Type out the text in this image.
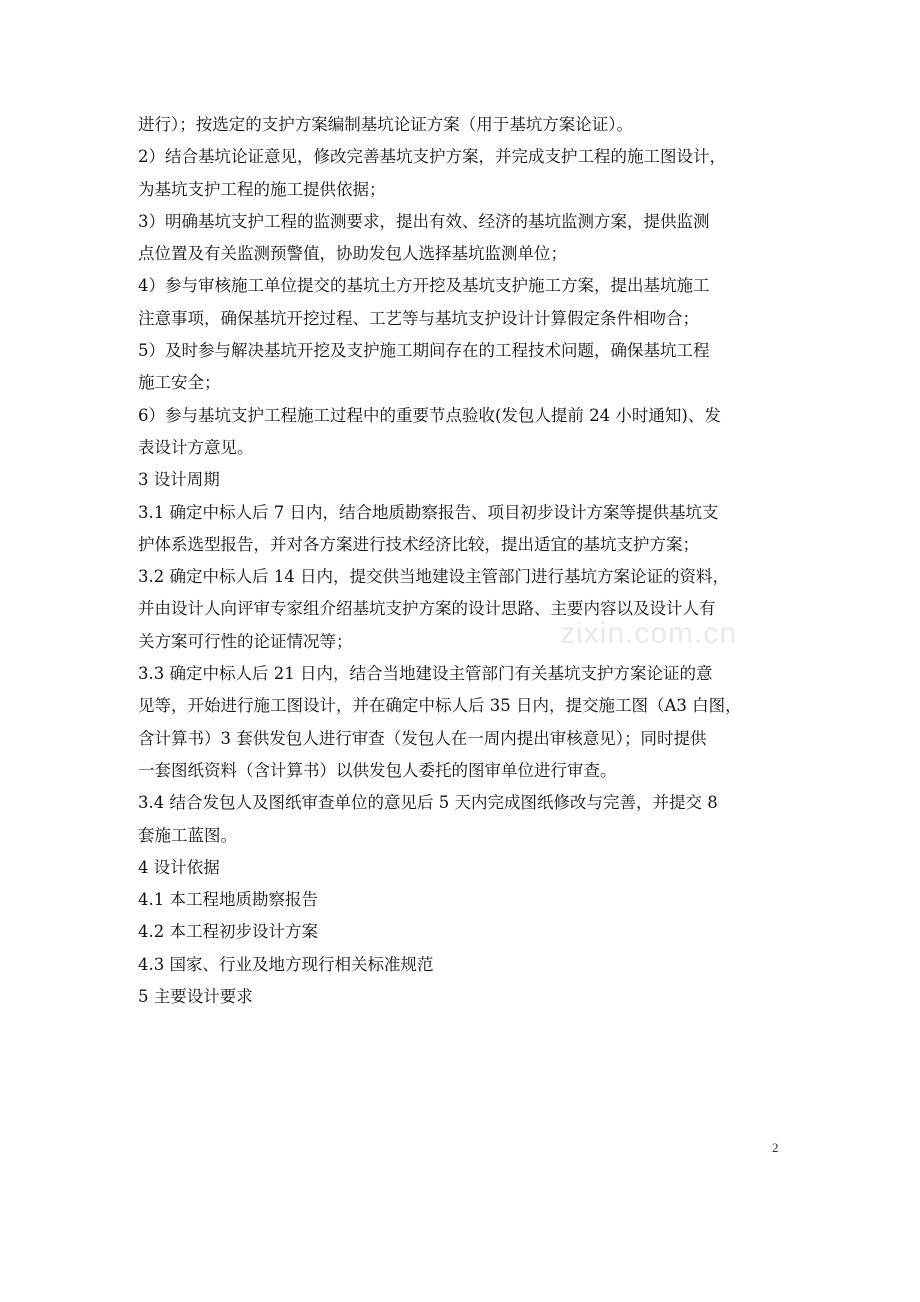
zixin.com.cn
进行）；按选定的支护方案编制基坑论证方案（用于基坑方案论证）。
2）结合基坑论证意见，修改完善基坑支护方案，并完成支护工程的施工图设计，
为基坑支护工程的施工提供依据；
3）明确基坑支护工程的监测要求，提出有效、经济的基坑监测方案，提供监测
点位置及有关监测预警值，协助发包人选择基坑监测单位；
4）参与审核施工单位提交的基坑土方开挖及基坑支护施工方案，提出基坑施工
注意事项，确保基坑开挖过程、工艺等与基坑支护设计计算假定条件相吻合；
5）及时参与解决基坑开挖及支护施工期间存在的工程技术问题，确保基坑工程
施工安全；
6）参与基坑支护工程施工过程中的重要节点验收(发包人提前 24 小时通知)、发
表设计方意见。
3 设计周期
3.1 确定中标人后 7 日内，结合地质勘察报告、项目初步设计方案等提供基坑支
护体系选型报告，并对各方案进行技术经济比较，提出适宜的基坑支护方案；
3.2 确定中标人后 14 日内，提交供当地建设主管部门进行基坑方案论证的资料，
并由设计人向评审专家组介绍基坑支护方案的设计思路、主要内容以及设计人有
关方案可行性的论证情况等；
3.3 确定中标人后 21 日内，结合当地建设主管部门有关基坑支护方案论证的意
见等，开始进行施工图设计，并在确定中标人后 35 日内，提交施工图（A3 白图，
含计算书）3 套供发包人进行审查（发包人在一周内提出审核意见）；同时提供
一套图纸资料（含计算书）以供发包人委托的图审单位进行审查。
3.4 结合发包人及图纸审查单位的意见后 5 天内完成图纸修改与完善，并提交 8
套施工蓝图。
4 设计依据
4.1 本工程地质勘察报告
4.2 本工程初步设计方案
4.3 国家、行业及地方现行相关标准规范
5 主要设计要求
2
